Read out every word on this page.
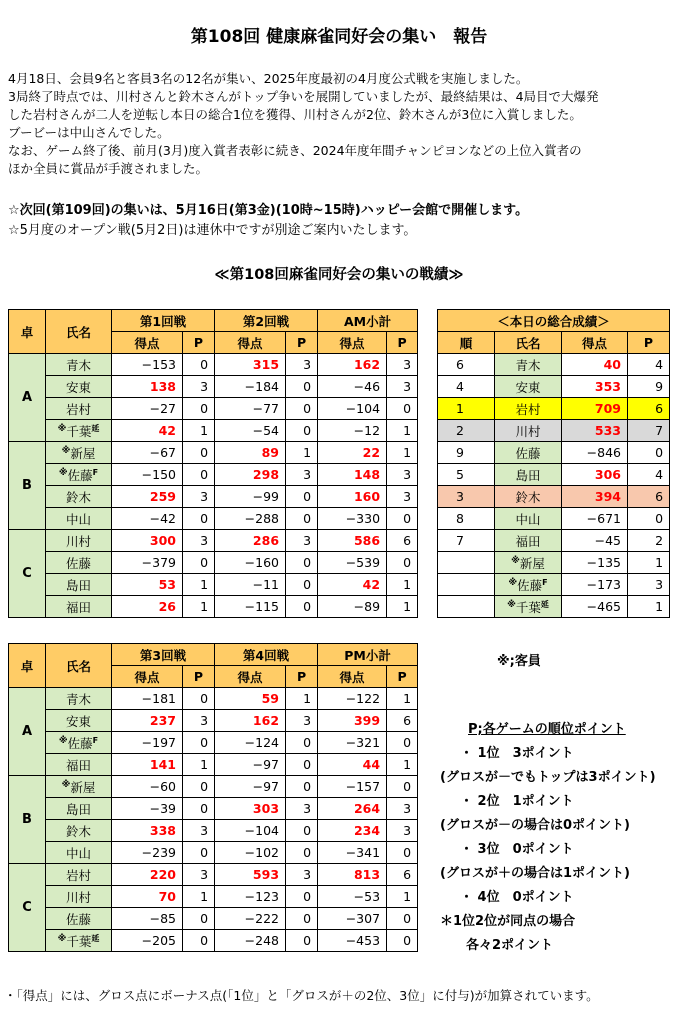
第108回 健康麻雀同好会の集い　報告

4月18日、会員9名と客員3名の12名が集い、2025年度最初の4月度公式戦を実施しました。

3局終了時点では、川村さんと鈴木さんがトップ争いを展開していましたが、最終結果は、4局目で大爆発

した岩村さんが二人を逆転し本日の総合1位を獲得、川村さんが2位、鈴木さんが3位に入賞しました。

ブービーは中山さんでした。

なお、ゲーム終了後、前月(3月)度入賞者表彰に続き、2024年度年間チャンピヨンなどの上位入賞者の

ほか全員に賞品が手渡されました。

☆次回(第109回)の集いは、5月16日(第3金)(10時~15時)ハッピー会館で開催します。
☆5月度のオープン戦(5月2日)は連休中ですが別途ご案内いたします。
≪第108回麻雀同好会の集いの戦績≫
卓	氏名	第1回戦		第2回戦		AM小計	
		得点	P	得点	P	得点	P
A	青木	−153	0	315	3	162	3
	安東	138	3	−184	0	−46	3
	岩村	−27	0	−77	0	−104	0
	※千葉$^延$	42	1	−54	0	−12	1
B	※新屋	−67	0	89	1	22	1
	※佐藤$^F$	−150	0	298	3	148	3
	鈴木	259	3	−99	0	160	3
	中山	−42	0	−288	0	−330	0
C	川村	300	3	286	3	586	6
	佐藤	−379	0	−160	0	−539	0
	島田	53	1	−11	0	42	1
	福田	26	1	−115	0	−89	1
卓	氏名	第3回戦		第4回戦		PM小計	
		得点	P	得点	P	得点	P
A	青木	−181	0	59	1	−122	1
	安東	237	3	162	3	399	6
	※佐藤$^F$	−197	0	−124	0	−321	0
	福田	141	1	−97	0	44	1
B	※新屋	−60	0	−97	0	−157	0
	島田	−39	0	303	3	264	3
	鈴木	338	3	−104	0	234	3
	中山	−239	0	−102	0	−341	0
C	岩村	220	3	593	3	813	6
	川村	70	1	−123	0	−53	1
	佐藤	−85	0	−222	0	−307	0
	※千葉$^延$	−205	0	−248	0	−453	0
＜本日の総合成績＞			
順	氏名	得点	P
6	青木	40	4
4	安東	353	9
1	岩村	709	6
2	川村	533	7
9	佐藤	−846	0
5	島田	306	4
3	鈴木	394	6
8	中山	−671	0
7	福田	−45	2
	※新屋	−135	1
	※佐藤$^F$	−173	3
	※千葉$^延$	−465	1
※;客員
P;各ゲームの順位ポイント
・ 1位　3ポイント
(グロスが－でもトップは3ポイント)
・ 2位　1ポイント
(グロスが－の場合は0ポイント)
・ 3位　0ポイント
(グロスが＋の場合は1ポイント)
・ 4位　0ポイント
＊1位2位が同点の場合
各々2ポイント
・「得点」には、グロス点にボーナス点(「1位」と「グロスが＋の2位、3位」に付与)が加算されています。
